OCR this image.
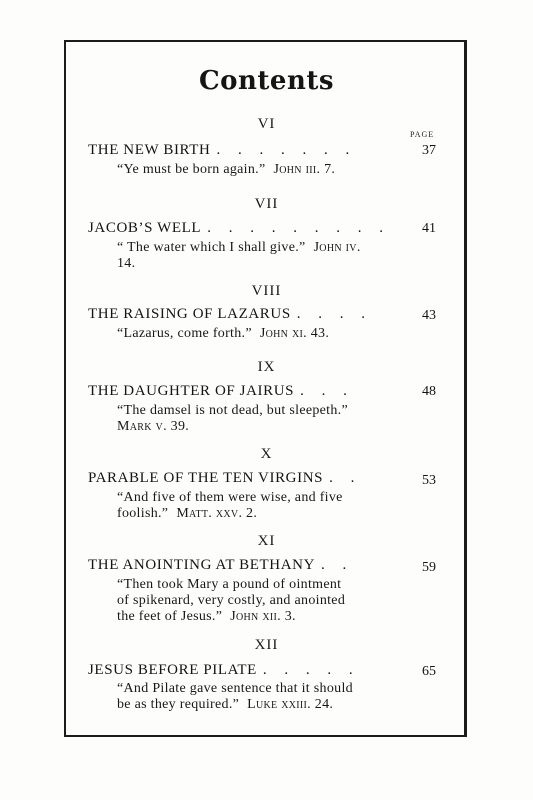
Contents
PAGE
VI
THE NEW BIRTH . . . . . . .	37
“Ye must be born again.” John iii. 7.
VII
JACOB’S WELL . . . . . . . . .	41
“ The water which I shall give.” John iv.
14.
VIII
THE RAISING OF LAZARUS . . . .	43
“Lazarus, come forth.” John xi. 43.
IX
THE DAUGHTER OF JAIRUS . . .	48
“The damsel is not dead, but sleepeth.”
Mark v. 39.
X
PARABLE OF THE TEN VIRGINS . .	53
“And five of them were wise, and five
foolish.” Matt. xxv. 2.
XI
THE ANOINTING AT BETHANY . .	59
“Then took Mary a pound of ointment
of spikenard, very costly, and anointed
the feet of Jesus.” John xii. 3.
XII
JESUS BEFORE PILATE . . . . .	65
“And Pilate gave sentence that it should
be as they required.” Luke xxiii. 24.
